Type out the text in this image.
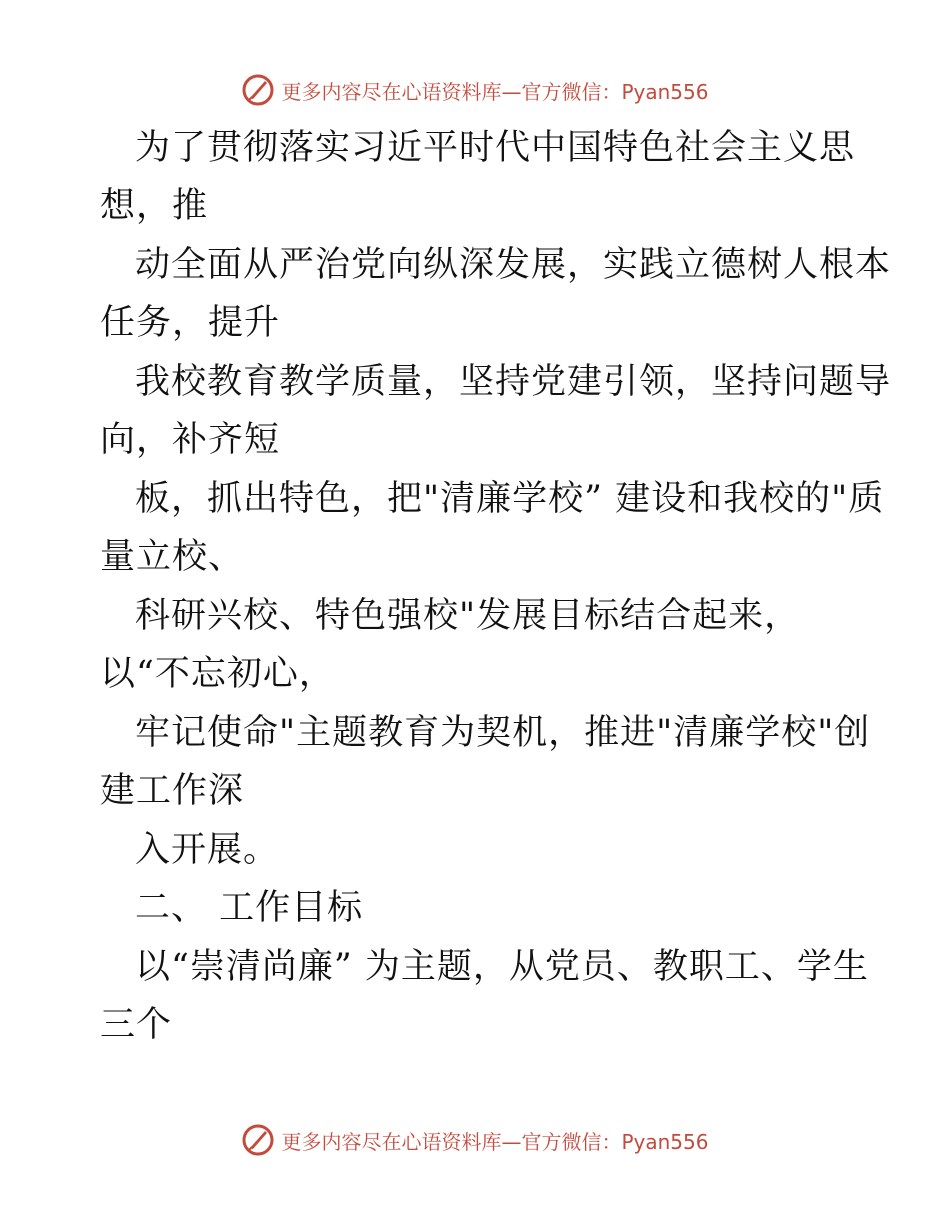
更多内容尽在心语资料库—官方微信：Pyan556
为了贯彻落实习近平时代中国特色社会主义思
想，推
动全面从严治党向纵深发展，实践立德树人根本
任务，提升
我校教育教学质量，坚持党建引领，坚持问题导
向，补齐短
板，抓出特色，把"清廉学校” 建设和我校的"质
量立校、
科研兴校、特色强校"发展目标结合起来，
以“不忘初心，
牢记使命"主题教育为契机，推进"清廉学校"创
建工作深
入开展。
二、 工作目标
以“崇清尚廉” 为主题，从党员、教职工、学生
三个
更多内容尽在心语资料库—官方微信：Pyan556
